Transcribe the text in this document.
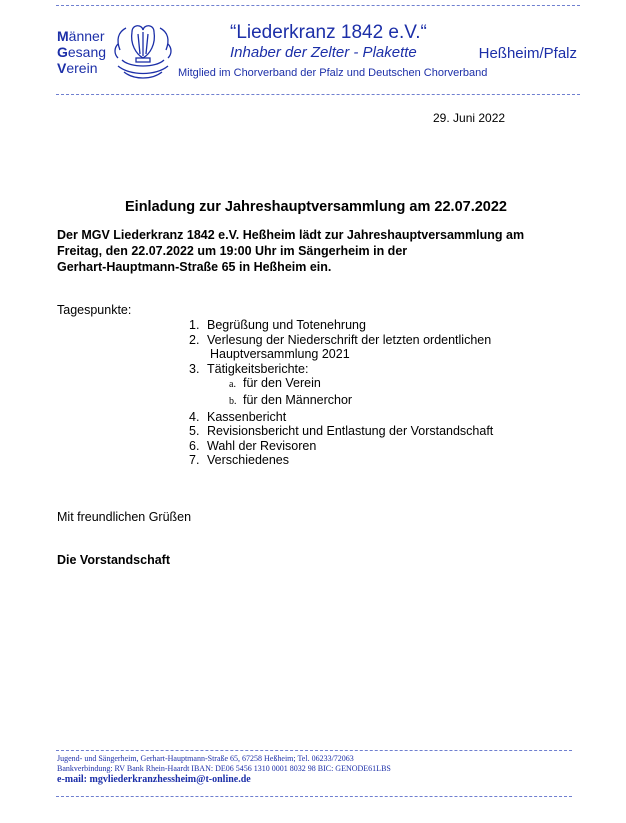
Männer
Gesang
Verein
“Liederkranz 1842 e.V.“
Inhaber der Zelter - Plakette	Heßheim/Pfalz
Mitglied im Chorverband der Pfalz und Deutschen Chorverband
29. Juni 2022
Einladung zur Jahreshauptversammlung am 22.07.2022
Der MGV Liederkranz 1842 e.V. Heßheim lädt zur Jahreshauptversammlung am
Freitag, den 22.07.2022 um 19:00 Uhr im Sängerheim in der
Gerhart-Hauptmann-Straße 65 in Heßheim ein.
Tagespunkte:
1. Begrüßung und Totenehrung
2. Verlesung der Niederschrift der letzten ordentlichen
Hauptversammlung 2021
3. Tätigkeitsberichte:
a. für den Verein
b. für den Männerchor
4. Kassenbericht
5. Revisionsbericht und Entlastung der Vorstandschaft
6. Wahl der Revisoren
7. Verschiedenes
Mit freundlichen Grüßen
Die Vorstandschaft
Jugend- und Sängerheim, Gerhart-Hauptmann-Straße 65, 67258 Heßheim; Tel. 06233/72063
Bankverbindung: RV Bank Rhein-Haardt IBAN: DE06 5456 1310 0001 8032 98 BIC: GENODE61LBS
e-mail: mgvliederkranzhessheim@t-online.de
